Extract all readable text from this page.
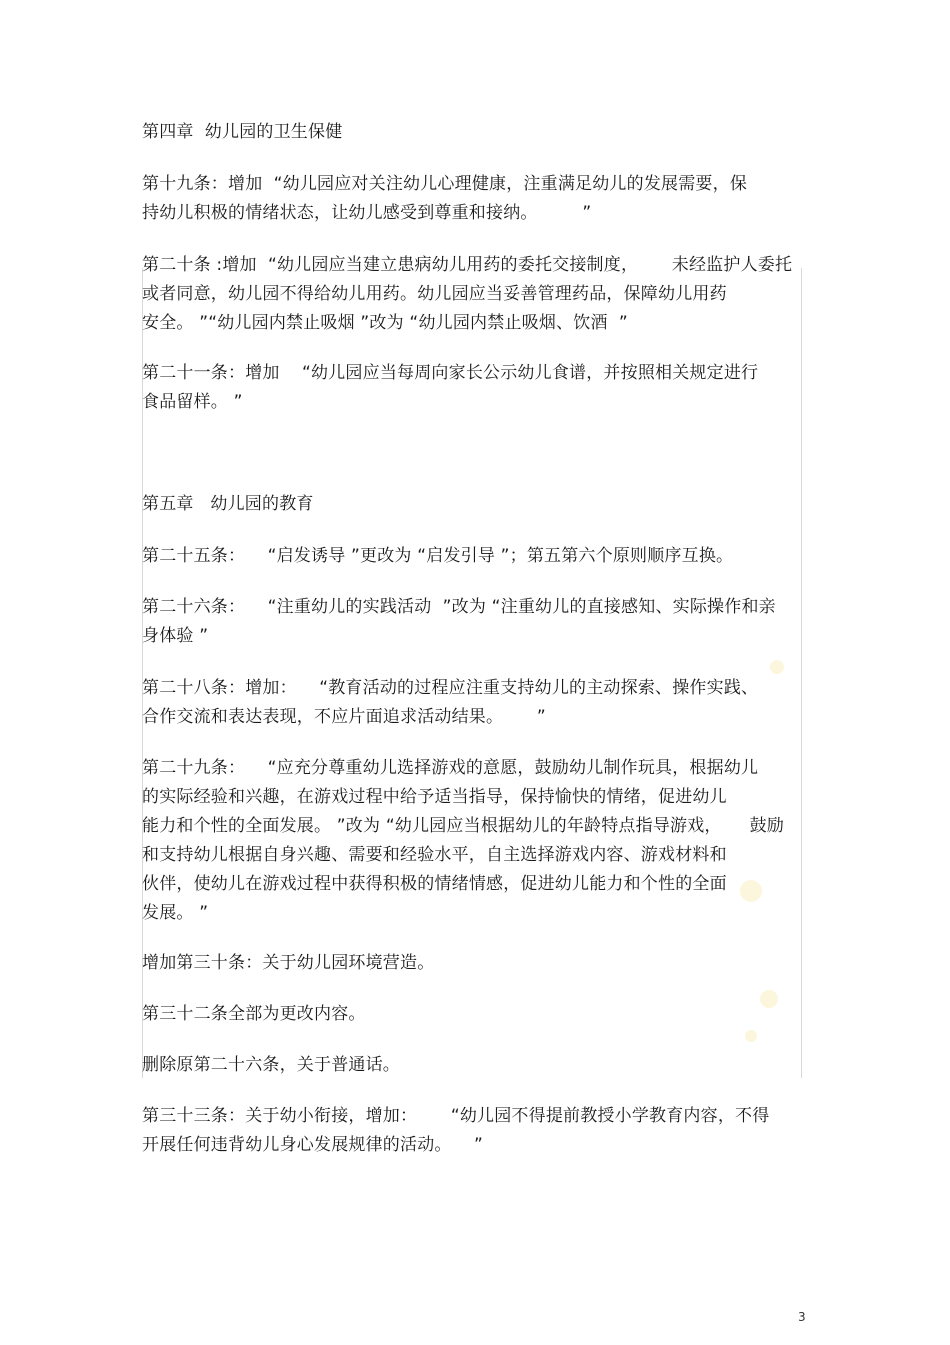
第四章  幼儿园的卫生保健
第十九条：增加  “幼儿园应对关注幼儿心理健康，注重满足幼儿的发展需要，保
持幼儿积极的情绪状态，让幼儿感受到尊重和接纳。        ”
第二十条 :增加  “幼儿园应当建立患病幼儿用药的委托交接制度，      未经监护人委托
或者同意，幼儿园不得给幼儿用药。幼儿园应当妥善管理药品，保障幼儿用药
安全。 ”“幼儿园内禁止吸烟 ”改为 “幼儿园内禁止吸烟、饮酒  ”
第二十一条：增加    “幼儿园应当每周向家长公示幼儿食谱，并按照相关规定进行
食品留样。 ”
第五章   幼儿园的教育
第二十五条：    “启发诱导 ”更改为 “启发引导 ”；第五第六个原则顺序互换。
第二十六条：    “注重幼儿的实践活动  ”改为 “注重幼儿的直接感知、实际操作和亲
身体验 ”
第二十八条：增加：    “教育活动的过程应注重支持幼儿的主动探索、操作实践、
合作交流和表达表现，不应片面追求活动结果。      ”
第二十九条：    “应充分尊重幼儿选择游戏的意愿，鼓励幼儿制作玩具，根据幼儿
的实际经验和兴趣，在游戏过程中给予适当指导，保持愉快的情绪，促进幼儿
能力和个性的全面发展。 ”改为 “幼儿园应当根据幼儿的年龄特点指导游戏，     鼓励
和支持幼儿根据自身兴趣、需要和经验水平，自主选择游戏内容、游戏材料和
伙伴，使幼儿在游戏过程中获得积极的情绪情感，促进幼儿能力和个性的全面
发展。 ”
增加第三十条：关于幼儿园环境营造。
第三十二条全部为更改内容。
删除原第二十六条，关于普通话。
第三十三条：关于幼小衔接，增加：      “幼儿园不得提前教授小学教育内容，不得
开展任何违背幼儿身心发展规律的活动。    ”
3
